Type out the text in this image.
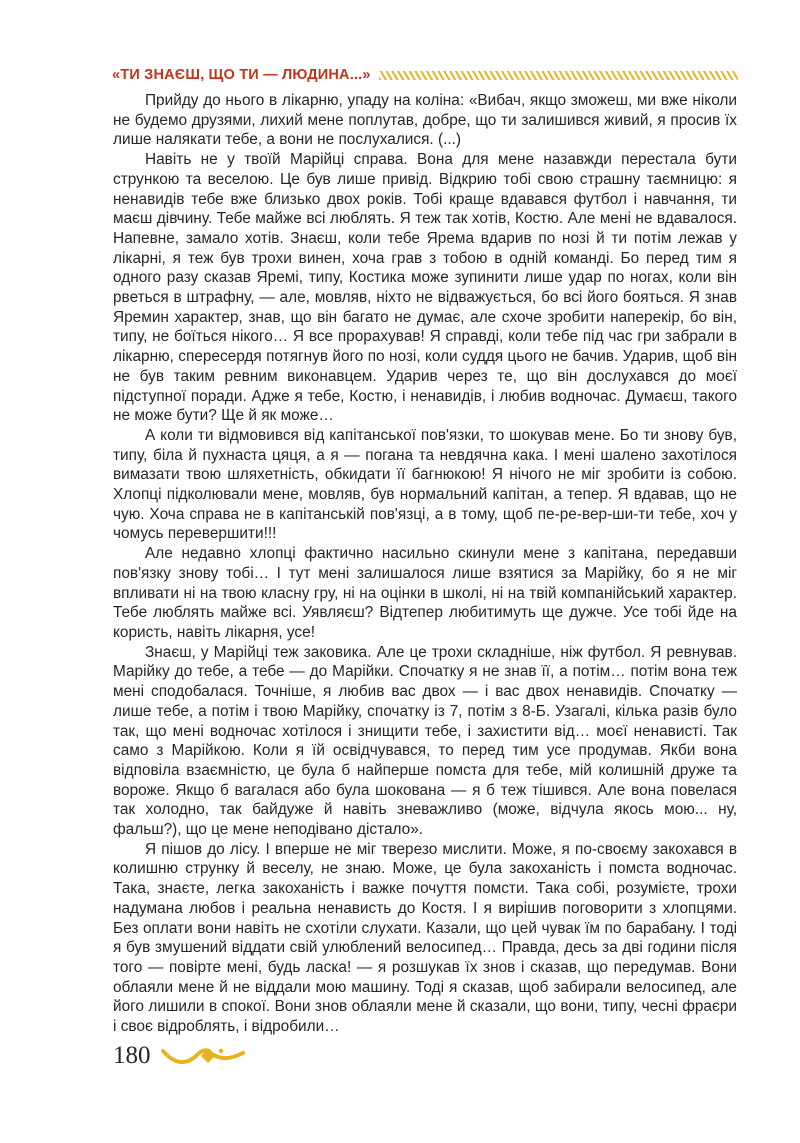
«ТИ ЗНАЄШ, ЩО ТИ — ЛЮДИНА...»

Прийду до нього в лікарню, упаду на коліна: «Вибач, якщо зможеш, ми вже ніколи не будемо друзями, лихий мене поплутав, добре, що ти залишився живий, я просив їх лише налякати тебе, а вони не послухалися. (...)

Навіть не у твоїй Марійці справа. Вона для мене назавжди перестала бути стрункою та веселою. Це був лише привід. Відкрию тобі свою страшну таємницю: я ненавидів тебе вже близько двох років. Тобі краще вдавався футбол і навчання, ти маєш дівчину. Тебе майже всі люблять. Я теж так хотів, Костю. Але мені не вдавалося. Напевне, замало хотів. Знаєш, коли тебе Ярема вдарив по нозі й ти потім лежав у лікарні, я теж був трохи винен, хоча грав з тобою в одній команді. Бо перед тим я одного разу сказав Яремі, типу, Костика може зупинити лише удар по ногах, коли він рветься в штрафну, — але, мовляв, ніхто не відважується, бо всі його бояться. Я знав Яремин характер, знав, що він багато не думає, але схоче зробити наперекір, бо він, типу, не боїться нікого… Я все прорахував! Я справді, коли тебе під час гри забрали в лікарню, спересердя потягнув його по нозі, коли суддя цього не бачив. Ударив, щоб він не був таким ревним виконавцем. Ударив через те, що він дослухався до моєї підступної поради. Адже я тебе, Костю, і ненавидів, і любив водночас. Думаєш, такого не може бути? Ще й як може…

А коли ти відмовився від капітанської пов'язки, то шокував мене. Бо ти знову був, типу, біла й пухнаста цяця, а я — погана та невдячна кака. І мені шалено захотілося вимазати твою шляхетність, обкидати її багнюкою! Я нічого не міг зробити із собою. Хлопці підколювали мене, мовляв, був нормальний капітан, а тепер. Я вдавав, що не чую. Хоча справа не в капітанській пов'язці, а в тому, щоб пе-ре-вер-ши-ти тебе, хоч у чомусь перевершити!!!

Але недавно хлопці фактично насильно скинули мене з капітана, передавши пов'язку знову тобі… І тут мені залишалося лише взятися за Марійку, бо я не міг впливати ні на твою класну гру, ні на оцінки в школі, ні на твій компанійський характер. Тебе люблять майже всі. Уявляєш? Відтепер любитимуть ще дужче. Усе тобі йде на користь, навіть лікарня, усе!

Знаєш, у Марійці теж заковика. Але це трохи складніше, ніж футбол. Я ревнував. Марійку до тебе, а тебе — до Марійки. Спочатку я не знав її, а потім… потім вона теж мені сподобалася. Точніше, я любив вас двох — і вас двох ненавидів. Спочатку — лише тебе, а потім і твою Марійку, спочатку із 7, потім з 8-Б. Узагалі, кілька разів було так, що мені водночас хотілося і знищити тебе, і захистити від… моєї ненависті. Так само з Марійкою. Коли я їй освідчувався, то перед тим усе продумав. Якби вона відповіла взаємністю, це була б найперше помста для тебе, мій колишній друже та вороже. Якщо б вагалася або була шокована — я б теж тішився. Але вона повелася так холодно, так байдуже й навіть зневажливо (може, відчула якось мою... ну, фальш?), що це мене неподівано дістало».

Я пішов до лісу. І вперше не міг тверезо мислити. Може, я по-своєму закохався в колишню струнку й веселу, не знаю. Може, це була закоханість і помста водночас. Така, знаєте, легка закоханість і важке почуття помсти. Така собі, розумієте, трохи надумана любов і реальна ненависть до Костя. І я вирішив поговорити з хлопцями. Без оплати вони навіть не схотіли слухати. Казали, що цей чувак їм по барабану. І тоді я був змушений віддати свій улюблений велосипед… Правда, десь за дві години після того — повірте мені, будь ласка! — я розшукав їх знов і сказав, що передумав. Вони облаяли мене й не віддали мою машину. Тоді я сказав, щоб забирали велосипед, але його лишили в спокої. Вони знов облаяли мене й сказали, що вони, типу, чесні фраєри і своє відроблять, і відробили…

180
